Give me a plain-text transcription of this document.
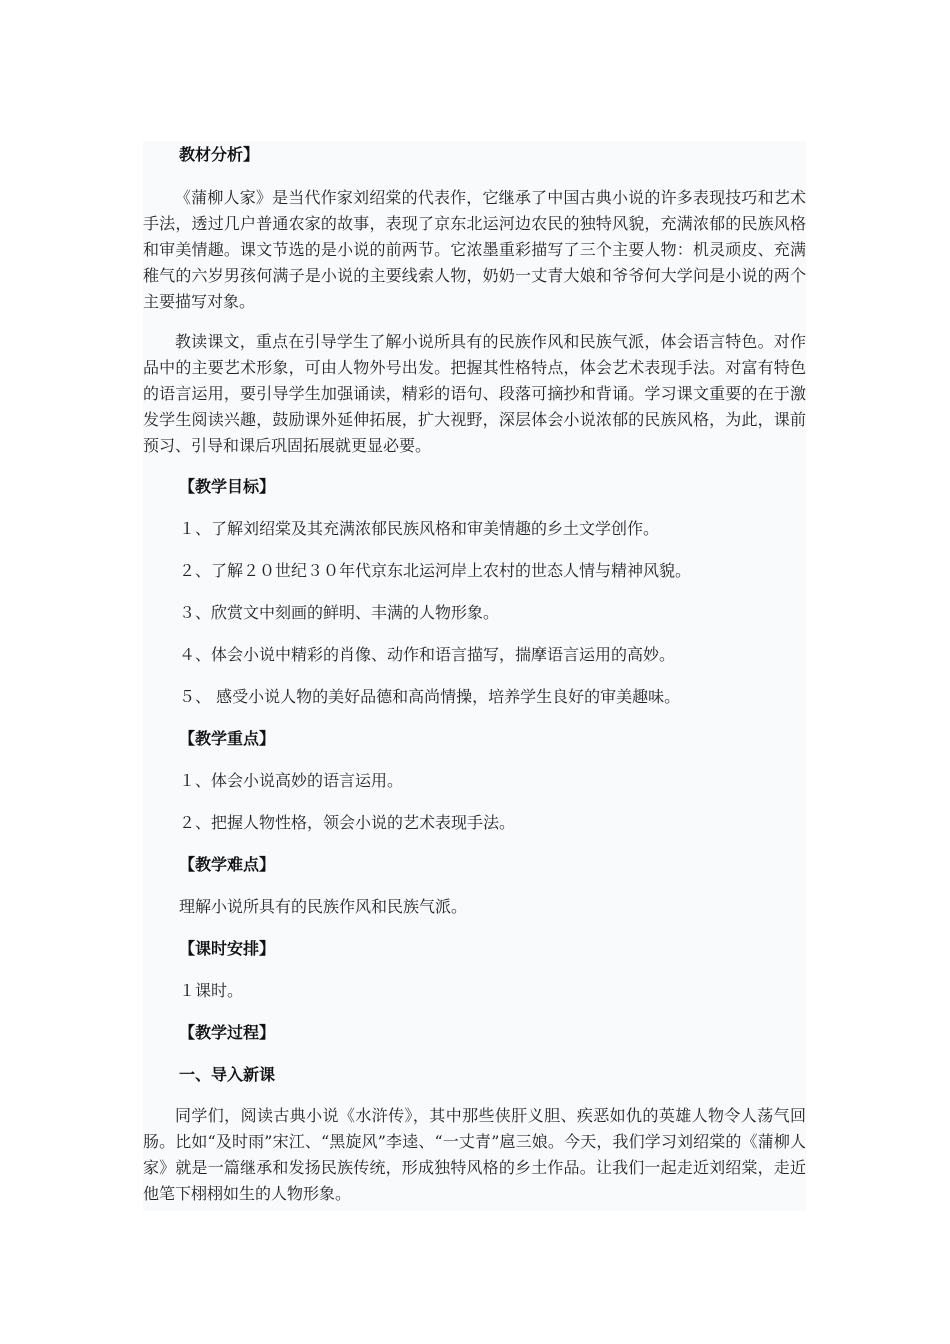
教材分析】

《蒲柳人家》是当代作家刘绍棠的代表作，它继承了中国古典小说的许多表现技巧和艺术手法，透过几户普通农家的故事，表现了京东北运河边农民的独特风貌，充满浓郁的民族风格和审美情趣。课文节选的是小说的前两节。它浓墨重彩描写了三个主要人物：机灵顽皮、充满稚气的六岁男孩何满子是小说的主要线索人物，奶奶一丈青大娘和爷爷何大学问是小说的两个主要描写对象。

教读课文，重点在引导学生了解小说所具有的民族作风和民族气派，体会语言特色。对作品中的主要艺术形象，可由人物外号出发。把握其性格特点，体会艺术表现手法。对富有特色的语言运用，要引导学生加强诵读，精彩的语句、段落可摘抄和背诵。学习课文重要的在于激发学生阅读兴趣，鼓励课外延伸拓展，扩大视野，深层体会小说浓郁的民族风格，为此，课前预习、引导和课后巩固拓展就更显必要。

【教学目标】

１、了解刘绍棠及其充满浓郁民族风格和审美情趣的乡土文学创作。

２、了解２０世纪３０年代京东北运河岸上农村的世态人情与精神风貌。

３、欣赏文中刻画的鲜明、丰满的人物形象。

４、体会小说中精彩的肖像、动作和语言描写，揣摩语言运用的高妙。

５、 感受小说人物的美好品德和高尚情操，培养学生良好的审美趣味。

【教学重点】

１、体会小说高妙的语言运用。

２、把握人物性格，领会小说的艺术表现手法。

【教学难点】

理解小说所具有的民族作风和民族气派。

【课时安排】

１课时。

【教学过程】

一、导入新课

同学们，阅读古典小说《水浒传》，其中那些侠肝义胆、疾恶如仇的英雄人物令人荡气回肠。比如“及时雨”宋江、“黑旋风”李逵、“一丈青”扈三娘。今天，我们学习刘绍棠的《蒲柳人家》就是一篇继承和发扬民族传统，形成独特风格的乡土作品。让我们一起走近刘绍棠，走近他笔下栩栩如生的人物形象。
